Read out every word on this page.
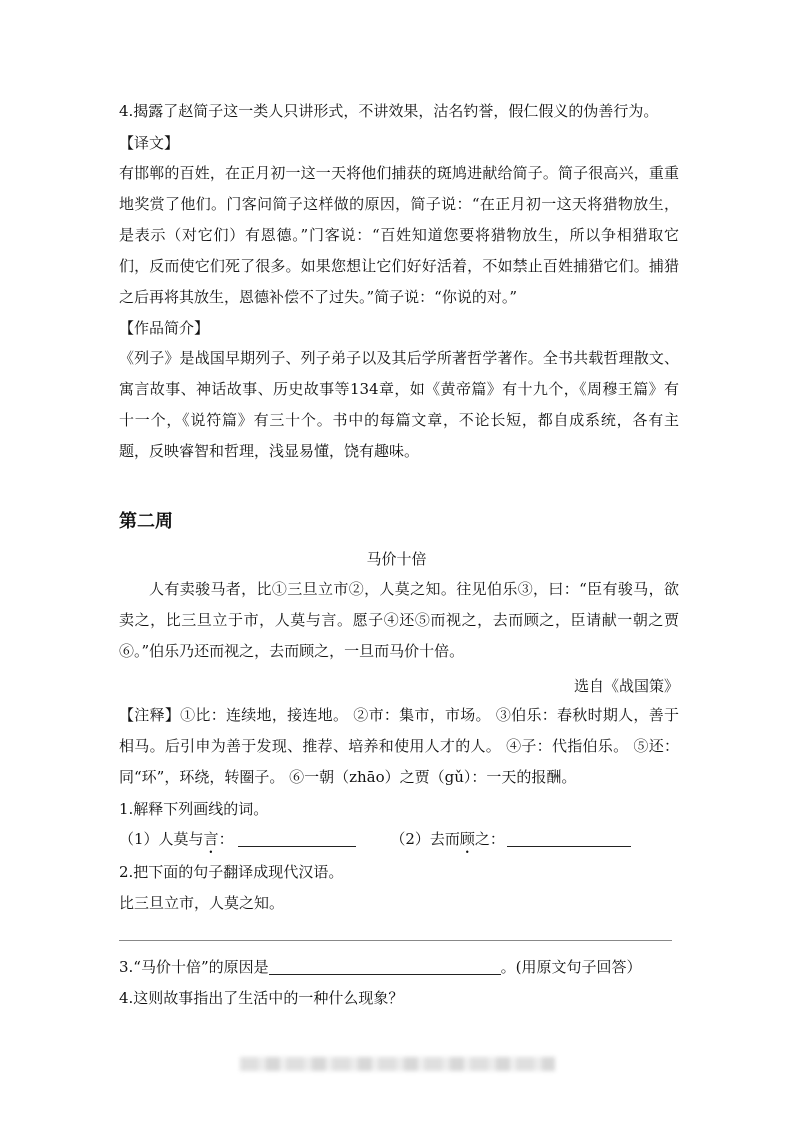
4.揭露了赵简子这一类人只讲形式，不讲效果，沽名钓誉，假仁假义的伪善行为。
【译文】
有邯郸的百姓，在正月初一这一天将他们捕获的斑鸠进献给简子。简子很高兴，重重地奖赏了他们。门客问简子这样做的原因，简子说：“在正月初一这天将猎物放生，是表示（对它们）有恩德。”门客说：“百姓知道您要将猎物放生，所以争相猎取它们，反而使它们死了很多。如果您想让它们好好活着，不如禁止百姓捕猎它们。捕猎之后再将其放生，恩德补偿不了过失。”简子说：“你说的对。”
【作品简介】
《列子》是战国早期列子、列子弟子以及其后学所著哲学著作。全书共载哲理散文、寓言故事、神话故事、历史故事等134章，如《黄帝篇》有十九个，《周穆王篇》有十一个，《说符篇》有三十个。书中的每篇文章，不论长短，都自成系统，各有主题，反映睿智和哲理，浅显易懂，饶有趣味。
第二周
马价十倍
人有卖骏马者，比①三旦立市②，人莫之知。往见伯乐③，曰：“臣有骏马，欲卖之，比三旦立于市，人莫与言。愿子④还⑤而视之，去而顾之，臣请献一朝之贾⑥。”伯乐乃还而视之，去而顾之，一旦而马价十倍。
选自《战国策》
【注释】①比：连续地，接连地。 ②市：集市，市场。 ③伯乐：春秋时期人，善于相马。后引申为善于发现、推荐、培养和使用人才的人。 ④子：代指伯乐。 ⑤还：同“环”，环绕，转圈子。 ⑥一朝（zhāo）之贾（gǔ）：一天的报酬。
1.解释下列画线的词。
（1）人莫与言：	（2）去而顾之：
2.把下面的句子翻译成现代汉语。
比三旦立市，人莫之知。
3.“马价十倍”的原因是	。(用原文句子回答）
4.这则故事指出了生活中的一种什么现象？
